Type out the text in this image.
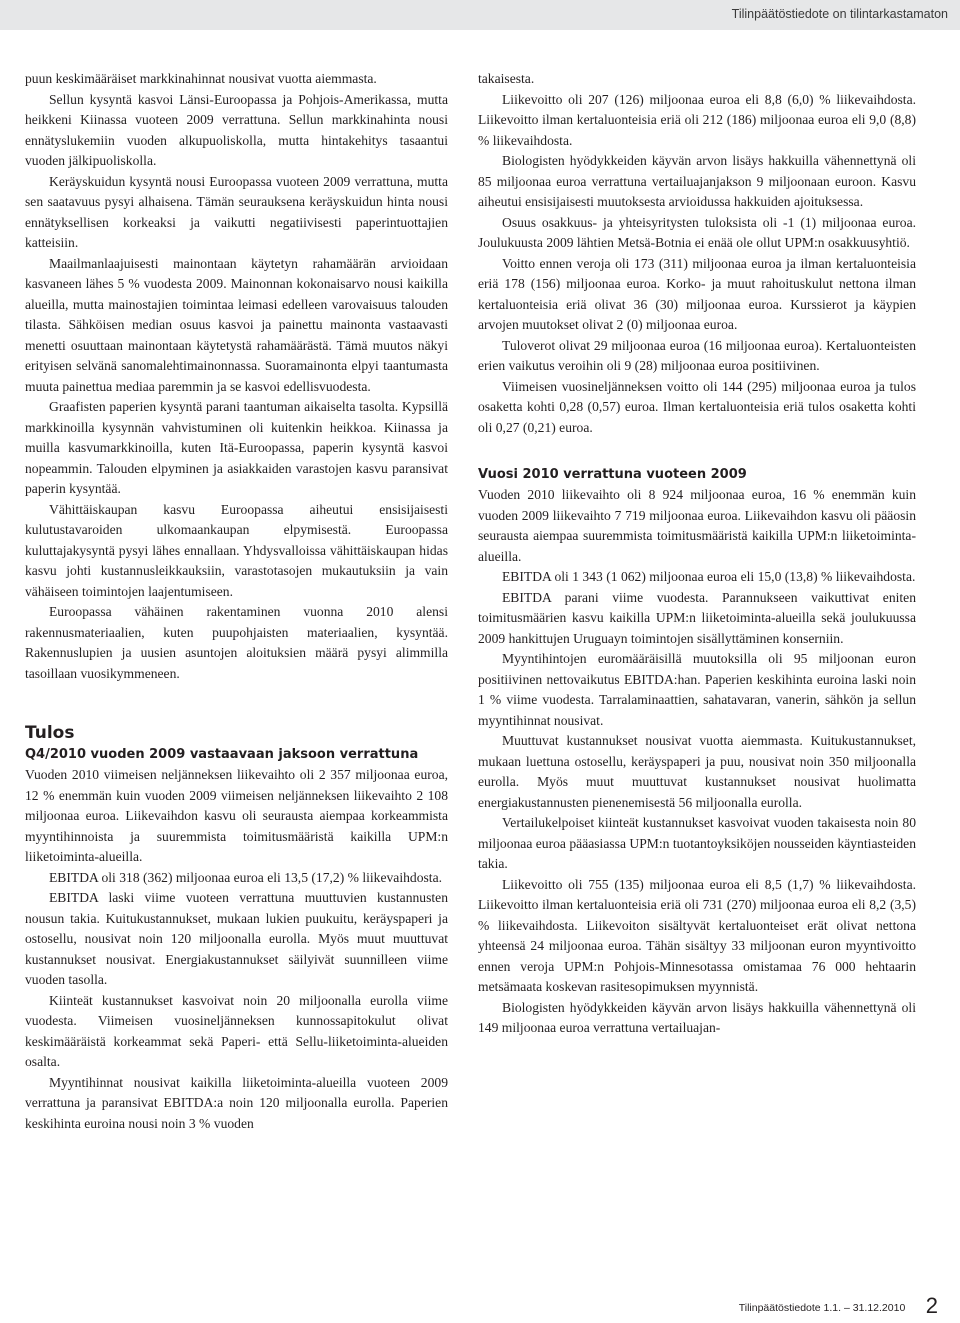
Tilinpäätöstiedote on tilintarkastamaton

puun keskimääräiset markkinahinnat nousivat vuotta aiemmasta.

Sellun kysyntä kasvoi Länsi-Euroopassa ja Pohjois-Amerikassa, mutta heikkeni Kiinassa vuoteen 2009 verrattuna. Sellun markkinahinta nousi ennätyslukemiin vuoden alkupuoliskolla, mutta hintakehitys tasaantui vuoden jälkipuoliskolla.

Keräyskuidun kysyntä nousi Euroopassa vuoteen 2009 verrattuna, mutta sen saatavuus pysyi alhaisena. Tämän seurauksena keräyskuidun hinta nousi ennätyksellisen korkeaksi ja vaikutti negatiivisesti paperintuottajien katteisiin.

Maailmanlaajuisesti mainontaan käytetyn rahamäärän arvioidaan kasvaneen lähes 5 % vuodesta 2009. Mainonnan kokonaisarvo nousi kaikilla alueilla, mutta mainostajien toimintaa leimasi edelleen varovaisuus talouden tilasta. Sähköisen median osuus kasvoi ja painettu mainonta vastaavasti menetti osuuttaan mainontaan käytetystä rahamäärästä. Tämä muutos näkyi erityisen selvänä sanomalehtimainonnassa. Suoramainonta elpyi taantumasta muuta painettua mediaa paremmin ja se kasvoi edellisvuodesta.

Graafisten paperien kysyntä parani taantuman aikaiselta tasolta. Kypsillä markkinoilla kysynnän vahvistuminen oli kuitenkin heikkoa. Kiinassa ja muilla kasvumarkkinoilla, kuten Itä-Euroopassa, paperin kysyntä kasvoi nopeammin. Talouden elpyminen ja asiakkaiden varastojen kasvu paransivat paperin kysyntää.

Vähittäiskaupan kasvu Euroopassa aiheutui ensisijaisesti kulutustavaroiden ulkomaankaupan elpymisestä. Euroopassa kuluttajakysyntä pysyi lähes ennallaan. Yhdysvalloissa vähittäiskaupan hidas kasvu johti kustannusleikkauksiin, varastotasojen mukautuksiin ja vain vähäiseen toimintojen laajentumiseen.

Euroopassa vähäinen rakentaminen vuonna 2010 alensi rakennusmateriaalien, kuten puupohjaisten materiaalien, kysyntää. Rakennuslupien ja uusien asuntojen aloituksien määrä pysyi alimmilla tasoillaan vuosikymmeneen.

Tulos
Q4/2010 vuoden 2009 vastaavaan jaksoon verrattuna

Vuoden 2010 viimeisen neljänneksen liikevaihto oli 2 357 miljoonaa euroa, 12 % enemmän kuin vuoden 2009 viimeisen neljänneksen liikevaihto 2 108 miljoonaa euroa. Liikevaihdon kasvu oli seurausta aiempaa korkeammista myyntihinnoista ja suuremmista toimitusmääristä kaikilla UPM:n liiketoiminta-alueilla.

EBITDA oli 318 (362) miljoonaa euroa eli 13,5 (17,2) % liikevaihdosta.

EBITDA laski viime vuoteen verrattuna muuttuvien kustannusten nousun takia. Kuitukustannukset, mukaan lukien puukuitu, keräyspaperi ja ostosellu, nousivat noin 120 miljoonalla eurolla. Myös muut muuttuvat kustannukset nousivat. Energiakustannukset säilyivät suunnilleen viime vuoden tasolla.

Kiinteät kustannukset kasvoivat noin 20 miljoonalla eurolla viime vuodesta. Viimeisen vuosineljänneksen kunnossapitokulut olivat keskimääräistä korkeammat sekä Paperi- että Sellu-liiketoiminta-alueiden osalta.

Myyntihinnat nousivat kaikilla liiketoiminta-alueilla vuoteen 2009 verrattuna ja paransivat EBITDA:a noin 120 miljoonalla eurolla. Paperien keskihinta euroina nousi noin 3 % vuoden

takaisesta.

Liikevoitto oli 207 (126) miljoonaa euroa eli 8,8 (6,0) % liikevaihdosta. Liikevoitto ilman kertaluonteisia eriä oli 212 (186) miljoonaa euroa eli 9,0 (8,8) % liikevaihdosta.

Biologisten hyödykkeiden käyvän arvon lisäys hakkuilla vähennettynä oli 85 miljoonaa euroa verrattuna vertailuajanjakson 9 miljoonaan euroon. Kasvu aiheutui ensisijaisesti muutoksesta arvioidussa hakkuiden ajoituksessa.

Osuus osakkuus- ja yhteisyritysten tuloksista oli -1 (1) miljoonaa euroa. Joulukuusta 2009 lähtien Metsä-Botnia ei enää ole ollut UPM:n osakkuusyhtiö.

Voitto ennen veroja oli 173 (311) miljoonaa euroa ja ilman kertaluonteisia eriä 178 (156) miljoonaa euroa. Korko- ja muut rahoituskulut nettona ilman kertaluonteisia eriä olivat 36 (30) miljoonaa euroa. Kurssierot ja käypien arvojen muutokset olivat 2 (0) miljoonaa euroa.

Tuloverot olivat 29 miljoonaa euroa (16 miljoonaa euroa). Kertaluonteisten erien vaikutus veroihin oli 9 (28) miljoonaa euroa positiivinen.

Viimeisen vuosineljänneksen voitto oli 144 (295) miljoonaa euroa ja tulos osaketta kohti 0,28 (0,57) euroa. Ilman kertaluonteisia eriä tulos osaketta kohti oli 0,27 (0,21) euroa.

Vuosi 2010 verrattuna vuoteen 2009

Vuoden 2010 liikevaihto oli 8 924 miljoonaa euroa, 16 % enemmän kuin vuoden 2009 liikevaihto 7 719 miljoonaa euroa. Liikevaihdon kasvu oli pääosin seurausta aiempaa suuremmista toimitusmääristä kaikilla UPM:n liiketoiminta-alueilla.

EBITDA oli 1 343 (1 062) miljoonaa euroa eli 15,0 (13,8) % liikevaihdosta.

EBITDA parani viime vuodesta. Parannukseen vaikuttivat eniten toimitusmäärien kasvu kaikilla UPM:n liiketoiminta-alueilla sekä joulukuussa 2009 hankittujen Uruguayn toimintojen sisällyttäminen konserniin.

Myyntihintojen euromääräisillä muutoksilla oli 95 miljoonan euron positiivinen nettovaikutus EBITDA:han. Paperien keskihinta euroina laski noin 1 % viime vuodesta. Tarralaminaattien, sahatavaran, vanerin, sähkön ja sellun myyntihinnat nousivat.

Muuttuvat kustannukset nousivat vuotta aiemmasta. Kuitukustannukset, mukaan luettuna ostosellu, keräyspaperi ja puu, nousivat noin 350 miljoonalla eurolla. Myös muut muuttuvat kustannukset nousivat huolimatta energiakustannusten pienenemisestä 56 miljoonalla eurolla.

Vertailukelpoiset kiinteät kustannukset kasvoivat vuoden takaisesta noin 80 miljoonaa euroa pääasiassa UPM:n tuotantoyksiköjen nousseiden käyntiasteiden takia.

Liikevoitto oli 755 (135) miljoonaa euroa eli 8,5 (1,7) % liikevaihdosta. Liikevoitto ilman kertaluonteisia eriä oli 731 (270) miljoonaa euroa eli 8,2 (3,5) % liikevaihdosta. Liikevoiton sisältyvät kertaluonteiset erät olivat nettona yhteensä 24 miljoonaa euroa. Tähän sisältyy 33 miljoonan euron myyntivoitto ennen veroja UPM:n Pohjois-Minnesotassa omistamaa 76 000 hehtaarin metsämaata koskevan rasitesopimuksen myynnistä.

Biologisten hyödykkeiden käyvän arvon lisäys hakkuilla vähennettynä oli 149 miljoonaa euroa verrattuna vertailuajan-

Tilinpäätöstiedote 1.1. – 31.12.2010 2
